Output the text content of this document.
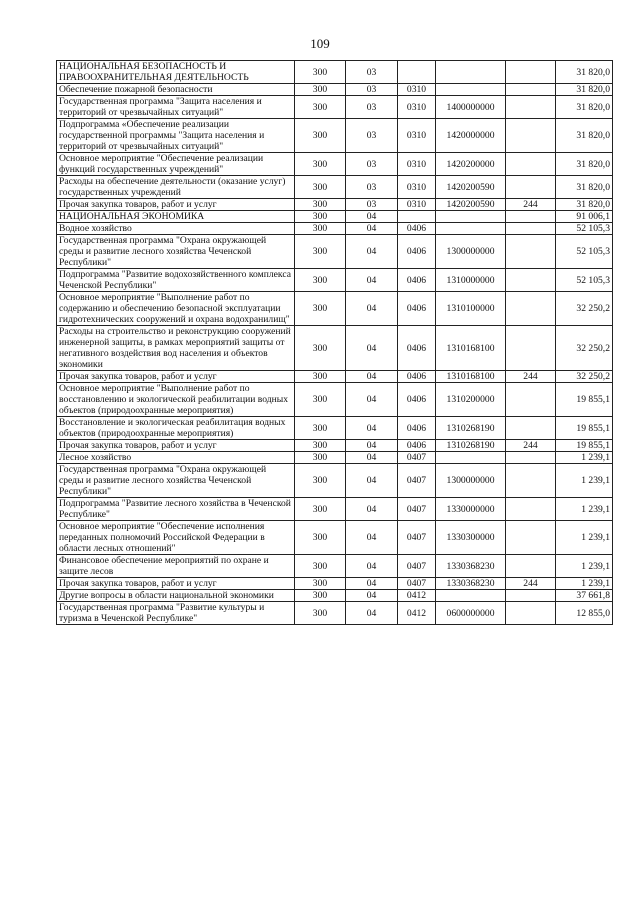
109
НАЦИОНАЛЬНАЯ БЕЗОПАСНОСТЬ И ПРАВООХРАНИТЕЛЬНАЯ ДЕЯТЕЛЬНОСТЬ	300	03				31 820,0
Обеспечение пожарной безопасности	300	03	0310			31 820,0
Государственная программа "Защита населения и территорий от чрезвычайных ситуаций"	300	03	0310	1400000000		31 820,0
Подпрограмма «Обеспечение реализации государственной программы "Защита населения и территорий от чрезвычайных ситуаций"	300	03	0310	1420000000		31 820,0
Основное мероприятие "Обеспечение реализации функций государственных учреждений"	300	03	0310	1420200000		31 820,0
Расходы на обеспечение деятельности (оказание услуг) государственных учреждений	300	03	0310	1420200590		31 820,0
Прочая закупка товаров, работ и услуг	300	03	0310	1420200590	244	31 820,0
НАЦИОНАЛЬНАЯ ЭКОНОМИКА	300	04				91 006,1
Водное хозяйство	300	04	0406			52 105,3
Государственная программа "Охрана окружающей среды и развитие лесного хозяйства Чеченской Республики"	300	04	0406	1300000000		52 105,3
Подпрограмма "Развитие водохозяйственного комплекса Чеченской Республики"	300	04	0406	1310000000		52 105,3
Основное мероприятие "Выполнение работ по содержанию и обеспечению безопасной эксплуатации гидротехнических сооружений и охрана водохранилищ"	300	04	0406	1310100000		32 250,2
Расходы на строительство и реконструкцию сооружений инженерной защиты, в рамках мероприятий защиты от негативного воздействия вод населения и объектов экономики	300	04	0406	1310168100		32 250,2
Прочая закупка товаров, работ и услуг	300	04	0406	1310168100	244	32 250,2
Основное мероприятие "Выполнение работ по восстановлению и экологической реабилитации водных объектов (природоохранные мероприятия)	300	04	0406	1310200000		19 855,1
Восстановление и экологическая реабилитация водных объектов (природоохранные мероприятия)	300	04	0406	1310268190		19 855,1
Прочая закупка товаров, работ и услуг	300	04	0406	1310268190	244	19 855,1
Лесное хозяйство	300	04	0407			1 239,1
Государственная программа "Охрана окружающей среды и развитие лесного хозяйства Чеченской Республики"	300	04	0407	1300000000		1 239,1
Подпрограмма "Развитие лесного хозяйства в Чеченской Республике"	300	04	0407	1330000000		1 239,1
Основное мероприятие "Обеспечение исполнения переданных полномочий Российской Федерации в области лесных отношений"	300	04	0407	1330300000		1 239,1
Финансовое обеспечение мероприятий по охране и защите лесов	300	04	0407	1330368230		1 239,1
Прочая закупка товаров, работ и услуг	300	04	0407	1330368230	244	1 239,1
Другие вопросы в области национальной экономики	300	04	0412			37 661,8
Государственная программа "Развитие культуры и туризма в Чеченской Республике"	300	04	0412	0600000000		12 855,0
